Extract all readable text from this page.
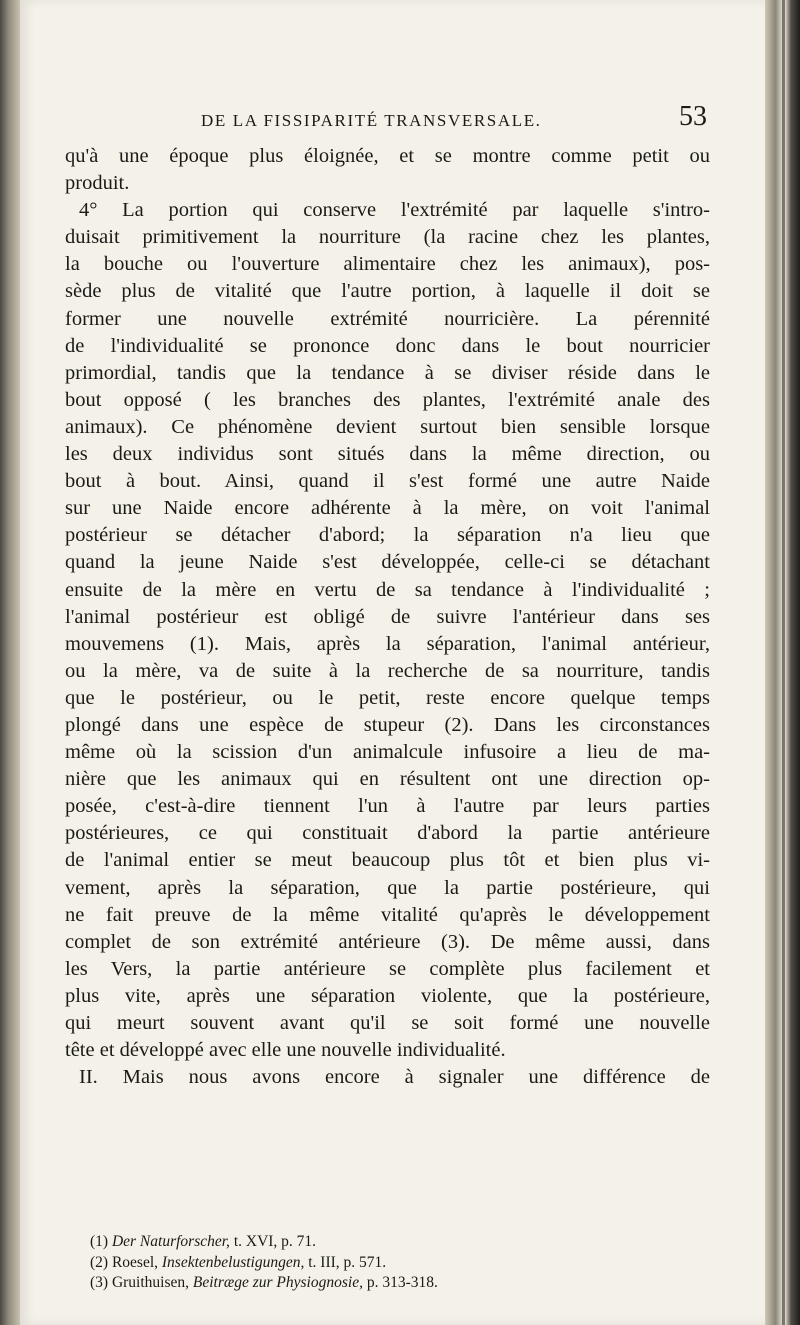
DE LA FISSIPARITÉ TRANSVERSALE.	53
qu'à une époque plus éloignée, et se montre comme petit ou
produit.
4° La portion qui conserve l'extrémité par laquelle s'intro-
duisait primitivement la nourriture (la racine chez les plantes,
la bouche ou l'ouverture alimentaire chez les animaux), pos-
sède plus de vitalité que l'autre portion, à laquelle il doit se
former une nouvelle extrémité nourricière. La pérennité
de l'individualité se prononce donc dans le bout nourricier
primordial, tandis que la tendance à se diviser réside dans le
bout opposé ( les branches des plantes, l'extrémité anale des
animaux). Ce phénomène devient surtout bien sensible lorsque
les deux individus sont situés dans la même direction, ou
bout à bout. Ainsi, quand il s'est formé une autre Naide
sur une Naide encore adhérente à la mère, on voit l'animal
postérieur se détacher d'abord; la séparation n'a lieu que
quand la jeune Naide s'est développée, celle-ci se détachant
ensuite de la mère en vertu de sa tendance à l'individualité ;
l'animal postérieur est obligé de suivre l'antérieur dans ses
mouvemens (1). Mais, après la séparation, l'animal antérieur,
ou la mère, va de suite à la recherche de sa nourriture, tandis
que le postérieur, ou le petit, reste encore quelque temps
plongé dans une espèce de stupeur (2). Dans les circonstances
même où la scission d'un animalcule infusoire a lieu de ma-
nière que les animaux qui en résultent ont une direction op-
posée, c'est-à-dire tiennent l'un à l'autre par leurs parties
postérieures, ce qui constituait d'abord la partie antérieure
de l'animal entier se meut beaucoup plus tôt et bien plus vi-
vement, après la séparation, que la partie postérieure, qui
ne fait preuve de la même vitalité qu'après le développement
complet de son extrémité antérieure (3). De même aussi, dans
les Vers, la partie antérieure se complète plus facilement et
plus vite, après une séparation violente, que la postérieure,
qui meurt souvent avant qu'il se soit formé une nouvelle
tête et développé avec elle une nouvelle individualité.
II. Mais nous avons encore à signaler une différence de
(1) Der Naturforscher, t. XVI, p. 71.
(2) Roesel, Insektenbelustigungen, t. III, p. 571.
(3) Gruithuisen, Beitræge zur Physiognosie, p. 313-318.
